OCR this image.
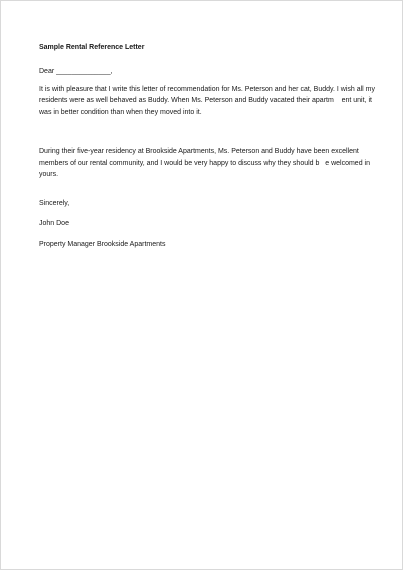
Sample Rental Reference Letter
Dear ______________,
It is with pleasure that I write this letter of recommendation for Ms. Peterson and her cat, Buddy. I wish all my
residents were as well behaved as Buddy. When Ms. Peterson and Buddy vacated their apartm    ent unit, it
was in better condition than when they moved into it.
During their five-year residency at Brookside Apartments, Ms. Peterson and Buddy have been excellent
members of our rental community, and I would be very happy to discuss why they should b   e welcomed in
yours.
Sincerely,
John Doe
Property Manager Brookside Apartments
